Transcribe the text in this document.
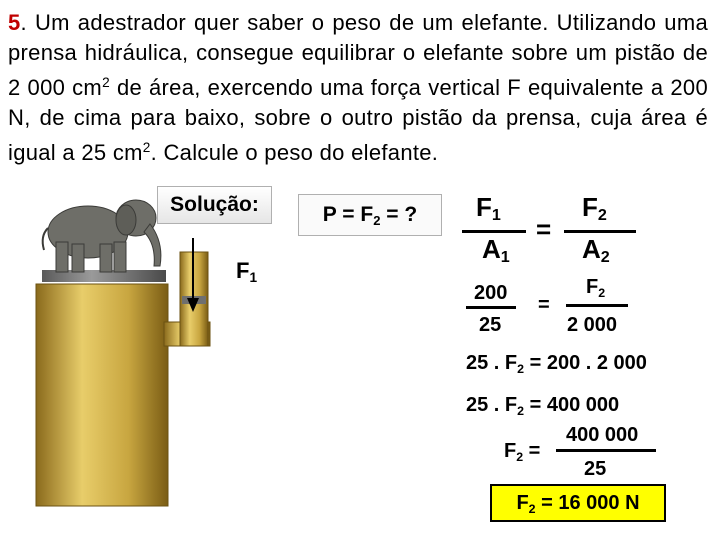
5. Um adestrador quer saber o peso de um elefante. Utilizando uma prensa hidráulica, consegue equilibrar o elefante sobre um pistão de 2 000 $cm^2$ de área, exercendo uma força vertical F equivalente a 200 N, de cima para baixo, sobre o outro pistão da prensa, cuja área é igual a 25 $cm^2$. Calcule o peso do elefante.
$F_1$
Solução:	$P = F_2$ = ?	$F_1$
$A_1$
=
$F_2$
$A_2$
200
25
=
$F_2$
2 000
25 . $F_2 = 200$ . 2 000
25 . $F_2 = 400$ 000
$F_2$ =
400 000
25
$F_2 = 16$ 000 N
